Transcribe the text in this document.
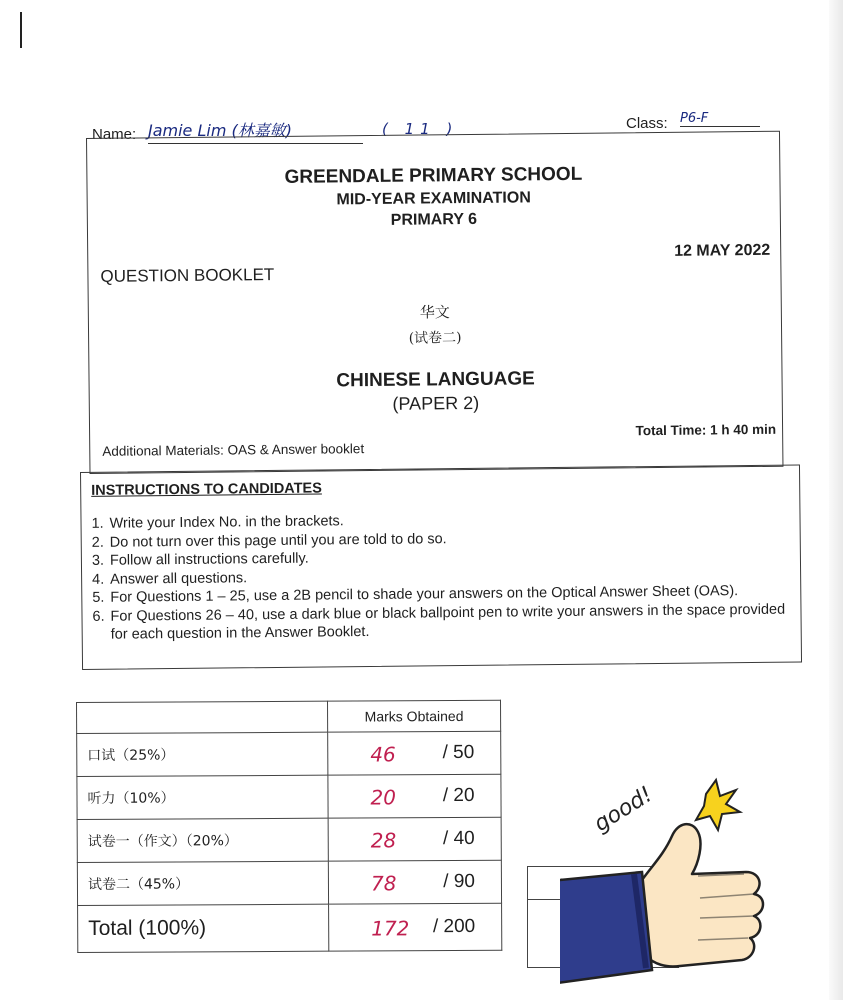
Name: Jamie Lim (林嘉敏)	( 11 )	Class: P6-F
GREENDALE PRIMARY SCHOOL
MID-YEAR EXAMINATION
PRIMARY 6
QUESTION BOOKLET
12 MAY 2022
华文
(试卷二)
CHINESE LANGUAGE
(PAPER 2)
Additional Materials: OAS & Answer booklet
Total Time: 1 h 40 min
INSTRUCTIONS TO CANDIDATES
1. Write your Index No. in the brackets.
2. Do not turn over this page until you are told to do so.
3. Follow all instructions carefully.
4. Answer all questions.
5. For Questions 1 – 25, use a 2B pencil to shade your answers on the Optical Answer Sheet (OAS).
6. For Questions 26 – 40, use a dark blue or black ballpoint pen to write your answers in the space provided for each question in the Answer Booklet.
	Marks Obtained
口试（25%）	46 / 50

听力（10%）	20 / 20

试卷一（作文）（20%）	28 / 40

试卷二（45%）	78 / 90

Total (100%)	172 / 200
good!
